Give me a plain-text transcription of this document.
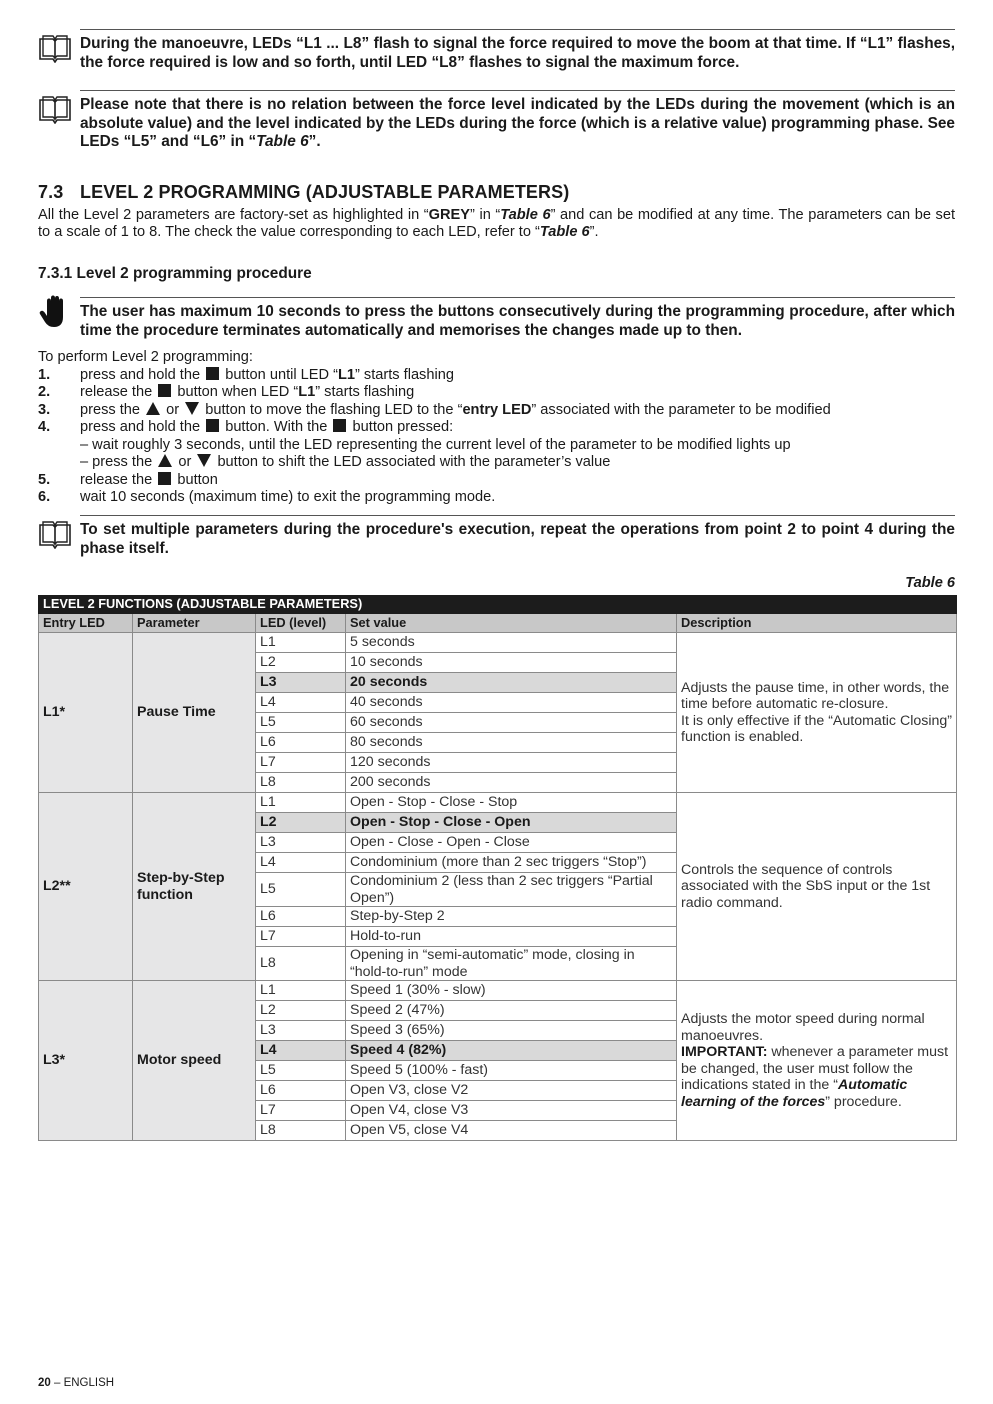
During the manoeuvre, LEDs “L1 ... L8” flash to signal the force required to move the boom at that time. If “L1” flashes, the force required is low and so forth, until LED “L8” flashes to signal the maximum force.
Please note that there is no relation between the force level indicated by the LEDs during the movement (which is an absolute value) and the level indicated by the LEDs during the force (which is a relative value) programming phase. See LEDs “L5” and “L6” in “Table 6”.
7.3 LEVEL 2 PROGRAMMING (ADJUSTABLE PARAMETERS)
All the Level 2 parameters are factory-set as highlighted in “GREY” in “Table 6” and can be modified at any time. The parameters can be set to a scale of 1 to 8. The check the value corresponding to each LED, refer to “Table 6”.
7.3.1 Level 2 programming procedure
The user has maximum 10 seconds to press the buttons consecutively during the programming procedure, after which time the procedure terminates automatically and memorises the changes made up to then.
To perform Level 2 programming:
1. press and hold the button until LED “L1” starts flashing
2. release the button when LED “L1” starts flashing
3. press the or button to move the flashing LED to the “entry LED” associated with the parameter to be modified
4. press and hold the button. With the button pressed:
– wait roughly 3 seconds, until the LED representing the current level of the parameter to be modified lights up
– press the or button to shift the LED associated with the parameter’s value
5. release the button
6. wait 10 seconds (maximum time) to exit the programming mode.
To set multiple parameters during the procedure's execution, repeat the operations from point 2 to point 4 during the phase itself.
Table 6
LEVEL 2 FUNCTIONS (ADJUSTABLE PARAMETERS)				
Entry LED	Parameter	LED (level)	Set value	Description
L1*	Pause Time	L1	5 seconds	Adjusts the pause time, in other words, the time before automatic re-closure.
It is only effective if the “Automatic Closing” function is enabled.
		L2	10 seconds	
		L3	20 seconds	
		L4	40 seconds	
		L5	60 seconds	
		L6	80 seconds	
		L7	120 seconds	
		L8	200 seconds	
L2**	Step-by-Step function	L1	Open - Stop - Close - Stop	Controls the sequence of controls associated with the SbS input or the 1st radio command.
		L2	Open - Stop - Close - Open	
		L3	Open - Close - Open - Close	
		L4	Condominium (more than 2 sec triggers “Stop”)	
		L5	Condominium 2 (less than 2 sec triggers “Partial Open”)	
		L6	Step-by-Step 2	
		L7	Hold-to-run	
		L8	Opening in “semi-automatic” mode, closing in “hold-to-run” mode	
L3*	Motor speed	L1	Speed 1 (30% - slow)	Adjusts the motor speed during normal manoeuvres.
IMPORTANT: whenever a parameter must be changed, the user must follow the indications stated in the “Automatic learning of the forces” procedure.
		L2	Speed 2 (47%)	
		L3	Speed 3 (65%)	
		L4	Speed 4 (82%)	
		L5	Speed 5 (100% - fast)	
		L6	Open V3, close V2	
		L7	Open V4, close V3	
		L8	Open V5, close V4	
20 – ENGLISH
